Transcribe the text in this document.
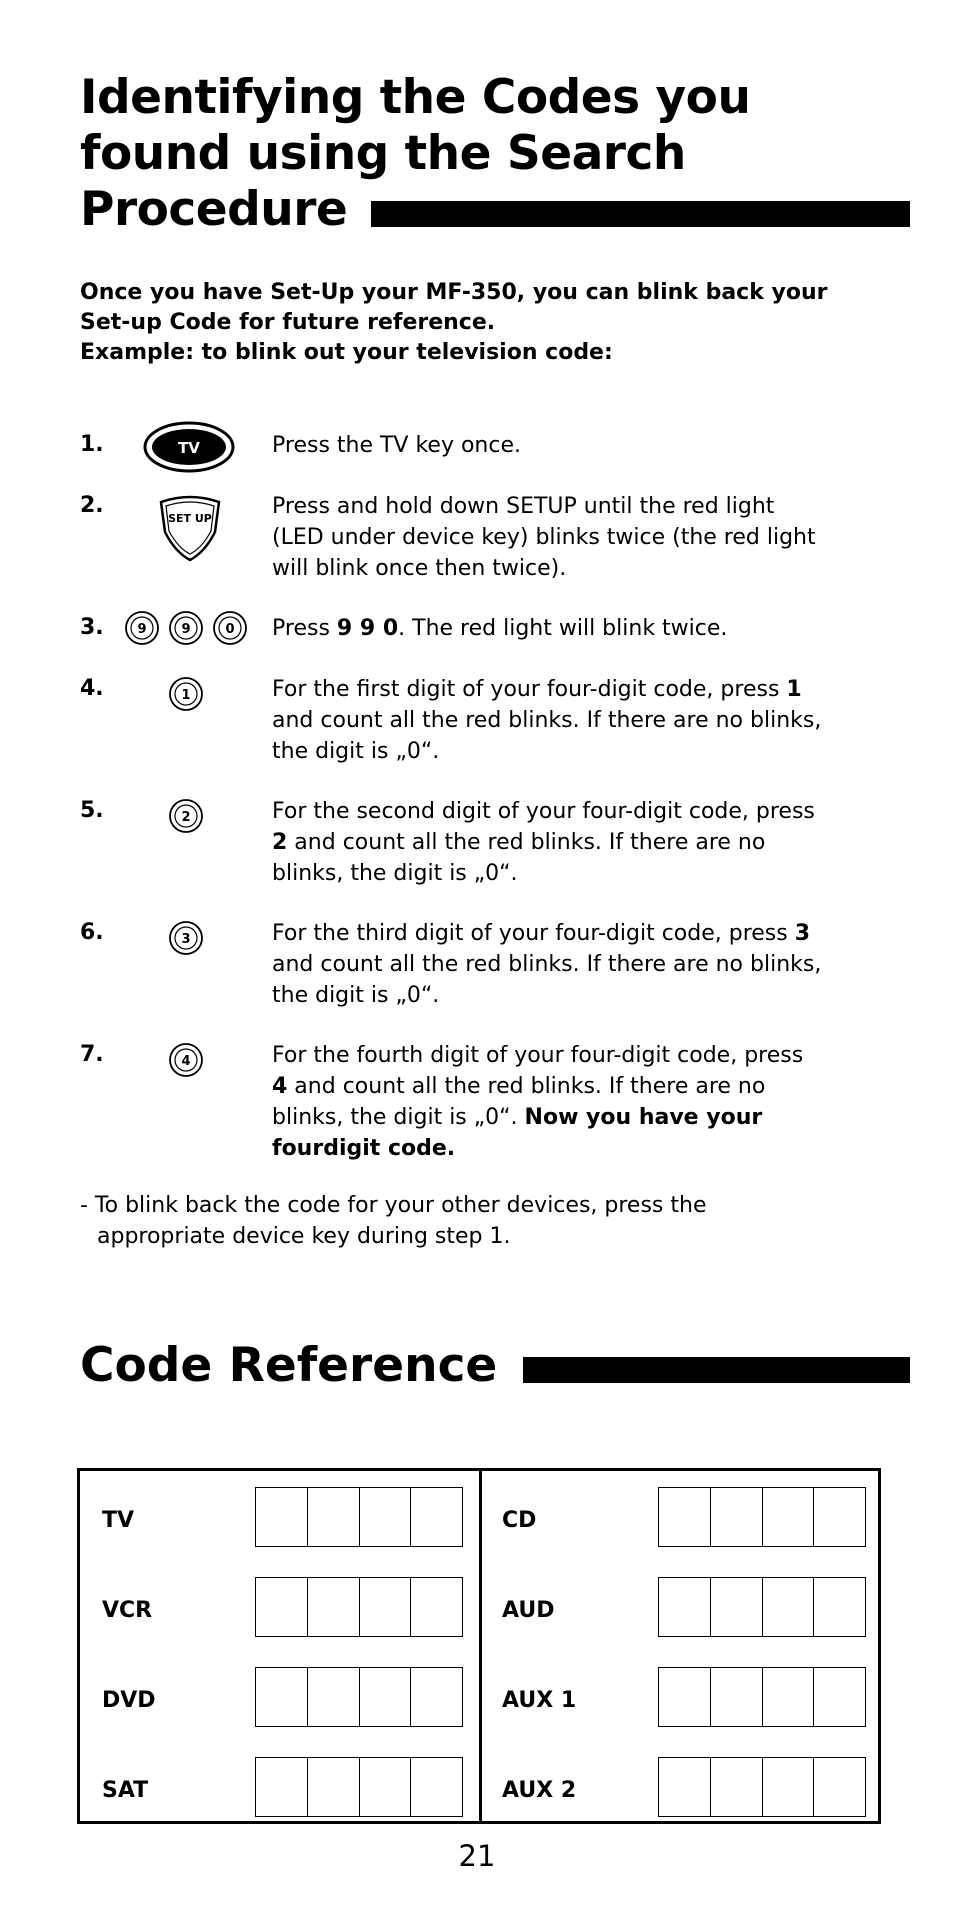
Identifying the Codes you
found using the Search
Procedure
Once you have Set-Up your MF-350, you can blink back your
Set-up Code for future reference.
Example: to blink out your television code:
1.	TV	Press the TV key once.
2.
SET UP	Press and hold down SETUP until the red light
(LED under device key) blinks twice (the red light
will blink once then twice).
3.	9	9	0 Press 9 9 0. The red light will blink twice.
4.	1	For the first digit of your four-digit code, press 1
and count all the red blinks. If there are no blinks,
the digit is „0“.
5.	2	For the second digit of your four-digit code, press
2 and count all the red blinks. If there are no
blinks, the digit is „0“.
6.	3	For the third digit of your four-digit code, press 3
and count all the red blinks. If there are no blinks,
the digit is „0“.
7.	4	For the fourth digit of your four-digit code, press
4 and count all the red blinks. If there are no
blinks, the digit is „0“. Now you have your
fourdigit code.
- To blink back the code for your other devices, press the
appropriate device key during step 1.
Code Reference
TV
VCR
DVD
SAT
CD
AUD
AUX 1
AUX 2
21
